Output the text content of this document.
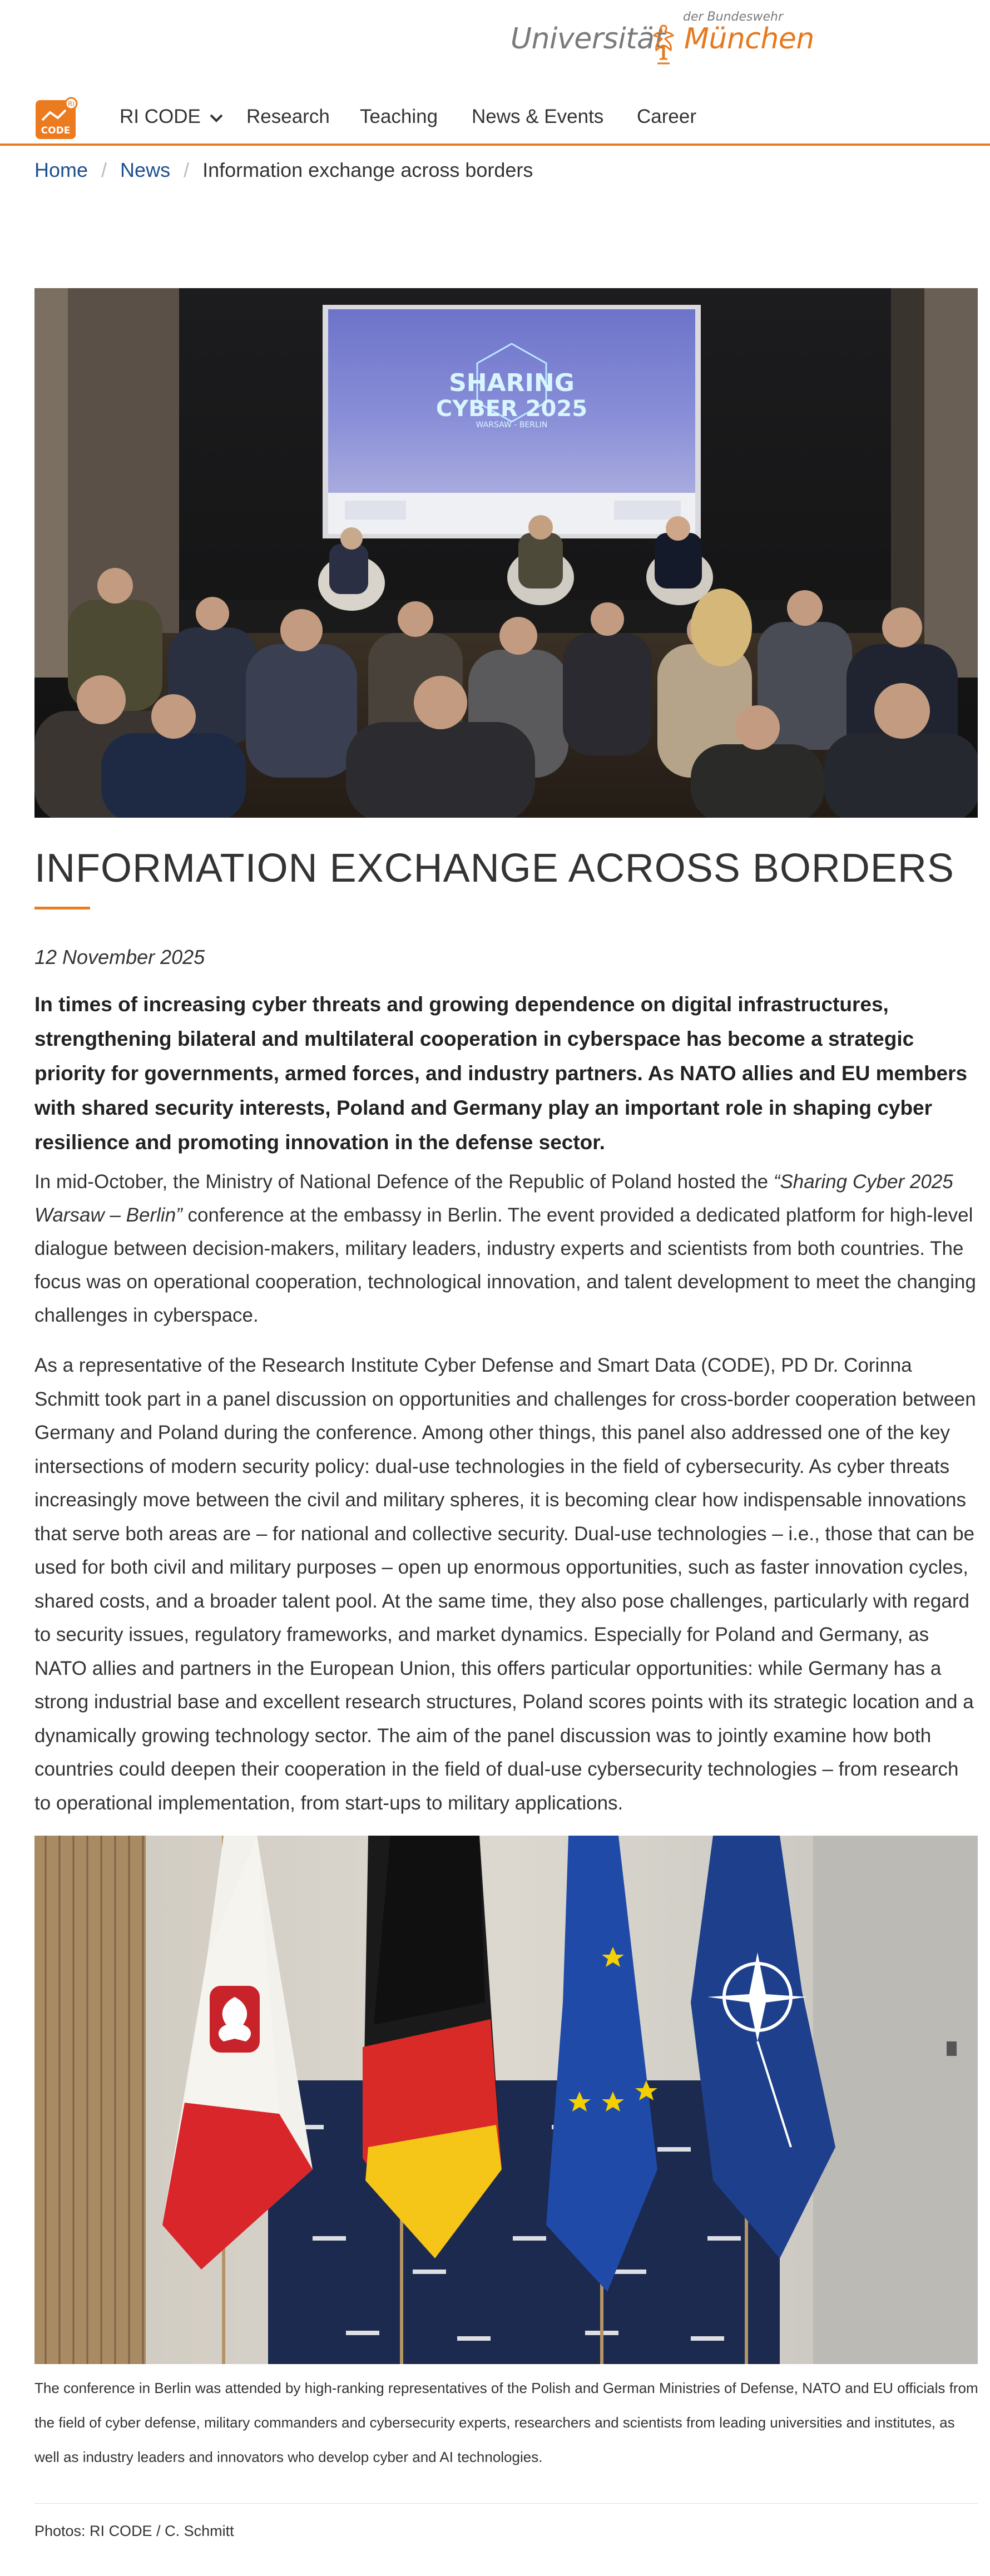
der Bundeswehr
Universität München
RI
CODE
RI CODE	Research Teaching News & Events Career
Home / News / Information exchange across borders
SHARING
CYBER 2025
WARSAW - BERLIN
INFORMATION EXCHANGE ACROSS BORDERS
12 November 2025

In times of increasing cyber threats and growing dependence on digital infrastructures, strengthening bilateral and multilateral cooperation in cyberspace has become a strategic priority for governments, armed forces, and industry partners. As NATO allies and EU members with shared security interests, Poland and Germany play an important role in shaping cyber resilience and promoting innovation in the defense sector.

In mid-October, the Ministry of National Defence of the Republic of Poland hosted the “Sharing Cyber 2025 Warsaw – Berlin” conference at the embassy in Berlin. The event provided a dedicated platform for high-level dialogue between decision-makers, military leaders, industry experts and scientists from both countries. The focus was on operational cooperation, technological innovation, and talent development to meet the changing challenges in cyberspace.

As a representative of the Research Institute Cyber Defense and Smart Data (CODE), PD Dr. Corinna Schmitt took part in a panel discussion on opportunities and challenges for cross-border cooperation between Germany and Poland during the conference. Among other things, this panel also addressed one of the key intersections of modern security policy: dual-use technologies in the field of cybersecurity. As cyber threats increasingly move between the civil and military spheres, it is becoming clear how indispensable innovations that serve both areas are – for national and collective security. Dual-use technologies – i.e., those that can be used for both civil and military purposes – open up enormous opportunities, such as faster innovation cycles, shared costs, and a broader talent pool. At the same time, they also pose challenges, particularly with regard to security issues, regulatory frameworks, and market dynamics. Especially for Poland and Germany, as NATO allies and partners in the European Union, this offers particular opportunities: while Germany has a strong industrial base and excellent research structures, Poland scores points with its strategic location and a dynamically growing technology sector. The aim of the panel discussion was to jointly examine how both countries could deepen their cooperation in the field of dual-use cybersecurity technologies – from research to operational implementation, from start-ups to military applications.

The conference in Berlin was attended by high-ranking representatives of the Polish and German Ministries of Defense, NATO and EU officials from the field of cyber defense, military commanders and cybersecurity experts, researchers and scientists from leading universities and institutes, as well as industry leaders and innovators who develop cyber and AI technologies.

Photos: RI CODE / C. Schmitt
